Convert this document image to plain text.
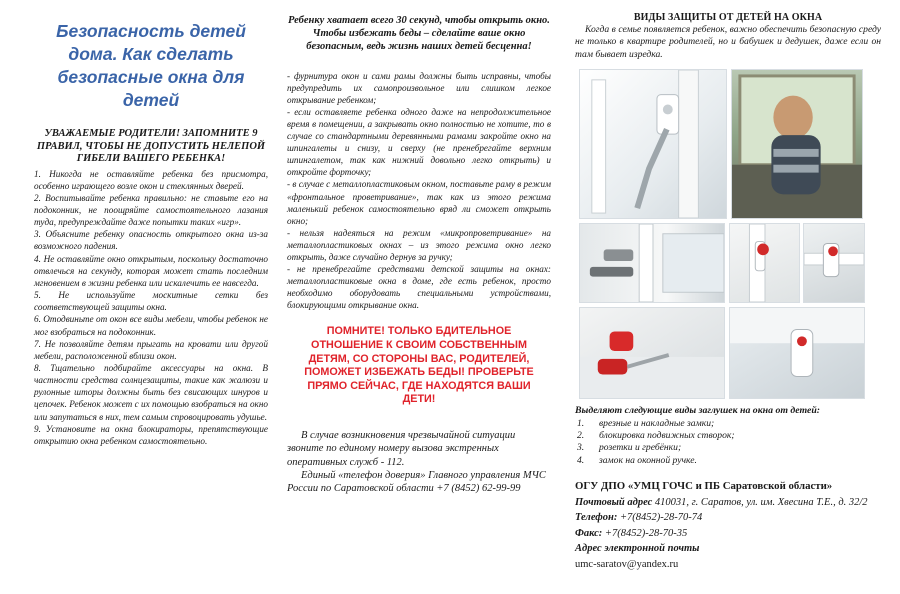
Безопасность детей дома. Как сделать безопасные окна для детей
УВАЖАЕМЫЕ РОДИТЕЛИ! ЗАПОМНИТЕ 9 ПРАВИЛ, ЧТОБЫ НЕ ДОПУСТИТЬ НЕЛЕПОЙ ГИБЕЛИ ВАШЕГО РЕБЕНКА!

1. Никогда не оставляйте ребенка без присмотра, особенно играющего возле окон и стеклянных дверей.

2. Воспитывайте ребенка правильно: не ставьте его на подоконник, не поощряйте самостоятельного лазания туда, предупреждайте даже попытки таких «игр».

3. Объясните ребенку опасность открытого окна из-за возможного падения.

4. Не оставляйте окно открытым, поскольку достаточно отвлечься на секунду, которая может стать последним мгновением в жизни ребенка или искалечить ее навсегда.

5. Не используйте москитные сетки без соответствующей защиты окна.

6. Отодвиньте от окон все виды мебели, чтобы ребенок не мог взобраться на подоконник.

7. Не позволяйте детям прыгать на кровати или другой мебели, расположенной вблизи окон.

8. Тщательно подбирайте аксессуары на окна. В частности средства солнцезащиты, такие как жалюзи и рулонные шторы должны быть без свисающих шнуров и цепочек. Ребенок может с их помощью взобраться на окно или запутаться в них, тем самым спровоцировать удушье.

9. Установите на окна блокираторы, препятствующие открытию окна ребенком самостоятельно.

Ребенку хватает всего 30 секунд, чтобы открыть окно. Чтобы избежать беды – сделайте ваше окно безопасным, ведь жизнь наших детей бесценна!

- фурнитура окон и сами рамы должны быть исправны, чтобы предупредить их самопроизвольное или слишком легкое открывание ребенком;

- если оставляете ребенка одного даже на непродолжительное время в помещении, а закрывать окно полностью не хотите, то в случае со стандартными деревянными рамами закройте окно на шпингалеты и снизу, и сверху (не пренебрегайте верхним шпингалетом, так как нижний довольно легко открыть) и откройте форточку;

- в случае с металлопластиковым окном, поставьте раму в режим «фронтальное проветривание», так как из этого режима маленький ребенок самостоятельно вряд ли сможет открыть окно;

- нельзя надеяться на режим «микропроветривание» на металлопластиковых окнах – из этого режима окно легко открыть, даже случайно дернув за ручку;

- не пренебрегайте средствами детской защиты на окнах: металлопластиковые окна в доме, где есть ребенок, просто необходимо оборудовать специальными устройствами, блокирующими открывание окна.

ПОМНИТЕ! ТОЛЬКО БДИТЕЛЬНОЕ ОТНОШЕНИЕ К СВОИМ СОБСТВЕННЫМ ДЕТЯМ, СО СТОРОНЫ ВАС, РОДИТЕЛЕЙ, ПОМОЖЕТ ИЗБЕЖАТЬ БЕДЫ! ПРОВЕРЬТЕ ПРЯМО СЕЙЧАС, ГДЕ НАХОДЯТСЯ ВАШИ ДЕТИ!

В случае возникновения чрезвычайной ситуации звоните по единому номеру вызова экстренных оперативных служб - 112.

Единый «телефон доверия» Главного управления МЧС России по Саратовской области +7 (8452) 62-99-99

ВИДЫ ЗАЩИТЫ ОТ ДЕТЕЙ НА ОКНА
Когда в семье появляется ребенок, важно обеспечить безопасную среду не только в квартире родителей, но и бабушек и дедушек, даже если он там бывает изредка.
Выделяют следующие виды заглушек на окна от детей:
1. врезные и накладные замки;
2. блокировка подвижных створок;
3. розетки и гребёнки;
4. замок на оконной ручке.
ОГУ ДПО «УМЦ ГОЧС и ПБ Саратовской области»
Почтовый адрес 410031, г. Саратов, ул. им. Хвесина Т.Е., д. 32/2
Телефон: +7(8452)-28-70-74
Факс: +7(8452)-28-70-35
Адрес электронной почты
umc-saratov@yandex.ru
